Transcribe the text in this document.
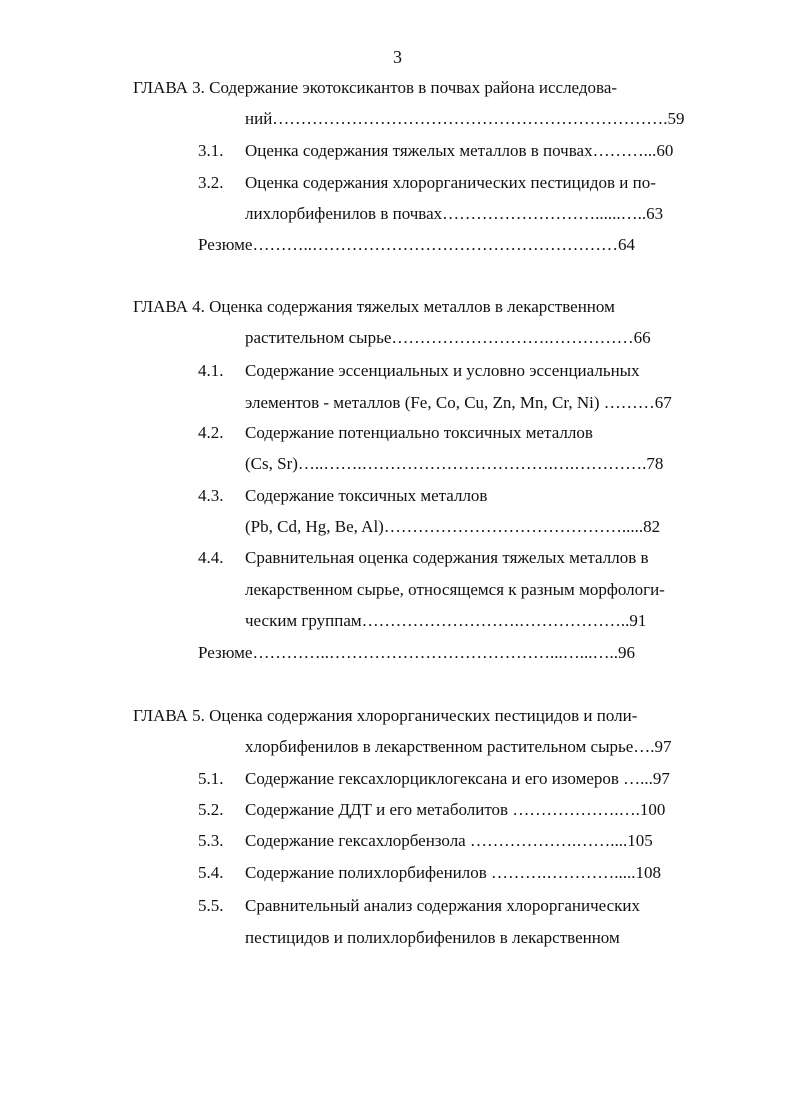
3

ГЛАВА 3. Содержание экотоксикантов в почвах района исследова-

ний…………………………………………………………….59

3.1. Оценка содержания тяжелых металлов в почвах………...60

3.2. Оценка содержания хлорорганических пестицидов и по-

лихлорбифенилов в почвах………………………......…..63

Резюме………..………………………………………………64

ГЛАВА 4. Оценка содержания тяжелых металлов в лекарственном

растительном сырье……………………….……………66

4.1. Содержание эссенциальных и условно эссенциальных

элементов - металлов (Fe, Co, Cu, Zn, Mn, Cr, Ni) ………67

4.2. Содержание потенциально токсичных металлов

(Cs, Sr)…..…….…………………………….….………….78

4.3. Содержание токсичных металлов

(Pb, Cd, Hg, Be, Al)…………………………………….....82

4.4. Сравнительная оценка содержания тяжелых металлов в

лекарственном сырье, относящемся к разным морфологи-

ческим группам……………………….………………..91

Резюме…………..…………………………………...…...…..96

ГЛАВА 5. Оценка содержания хлорорганических пестицидов и поли-

хлорбифенилов в лекарственном растительном сырье….97

5.1. Содержание гексахлорциклогексана и его изомеров …...97

5.2. Содержание ДДТ и его метаболитов ……………….….100

5.3. Содержание гексахлорбензола ……………….……....105

5.4. Содержание полихлорбифенилов ……….………….....108

5.5. Сравнительный анализ содержания хлорорганических

пестицидов и полихлорбифенилов в лекарственном
